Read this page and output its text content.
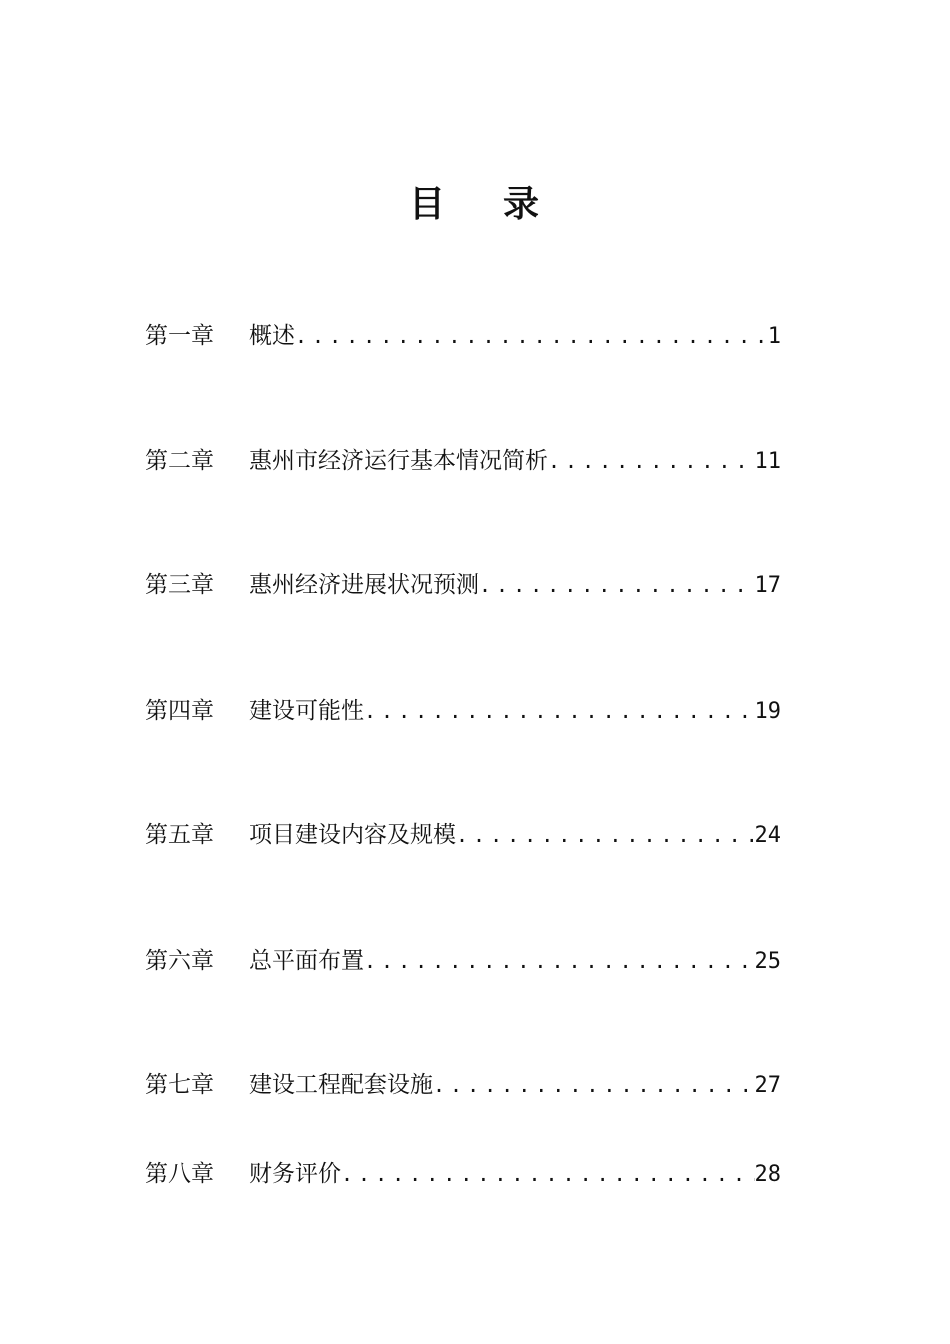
目 录
第一章	概述 .....	1
第二章	惠州市经济运行基本情况简析 .....	11
第三章	惠州经济进展状况预测 .....	17
第四章	建设可能性 .....	19
第五章	项目建设内容及规模 .....	24
第六章	总平面布置 .....	25
第七章	建设工程配套设施 .....	27
第八章	财务评价 .....	28
